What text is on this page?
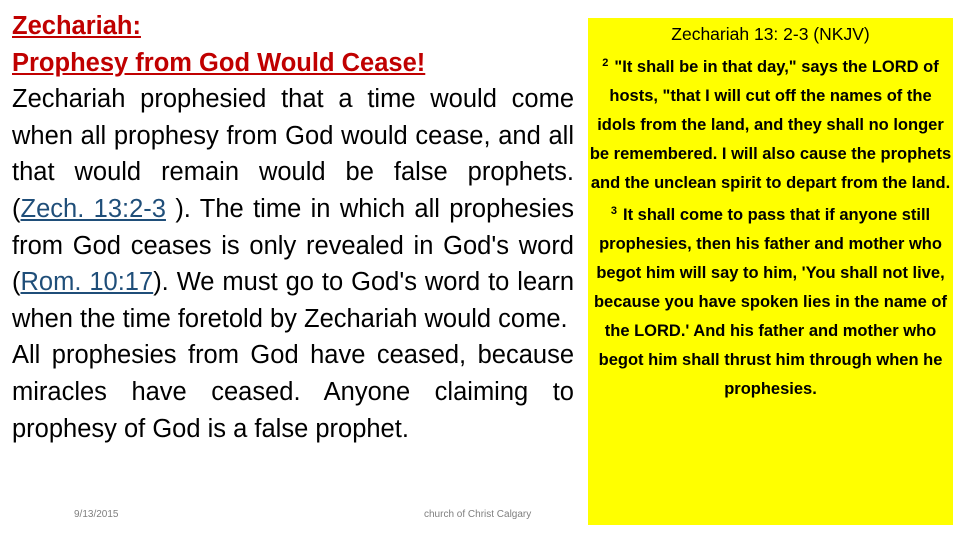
Zechariah:

Prophesy from God Would Cease!

Zechariah prophesied that a time would come when all prophesy from God would cease, and all that would remain would be false prophets. (Zech. 13:2-3 ). The time in which all prophesies from God ceases is only revealed in God's word (Rom. 10:17). We must go to God's word to learn when the time foretold by Zechariah would come.

All prophesies from God have ceased, because miracles have ceased. Anyone claiming to prophesy of God is a false prophet.

Zechariah 13: 2-3 (NKJV)
$^2$ "It shall be in that day," says the LORD of hosts, "that I will cut off the names of the idols from the land, and they shall no longer be remembered. I will also cause the prophets and the unclean spirit to depart from the land.
$^3$ It shall come to pass that if anyone still prophesies, then his father and mother who begot him will say to him, 'You shall not live, because you have spoken lies in the name of the LORD.' And his father and mother who begot him shall thrust him through when he prophesies.
9/13/2015	church of Christ Calgary
